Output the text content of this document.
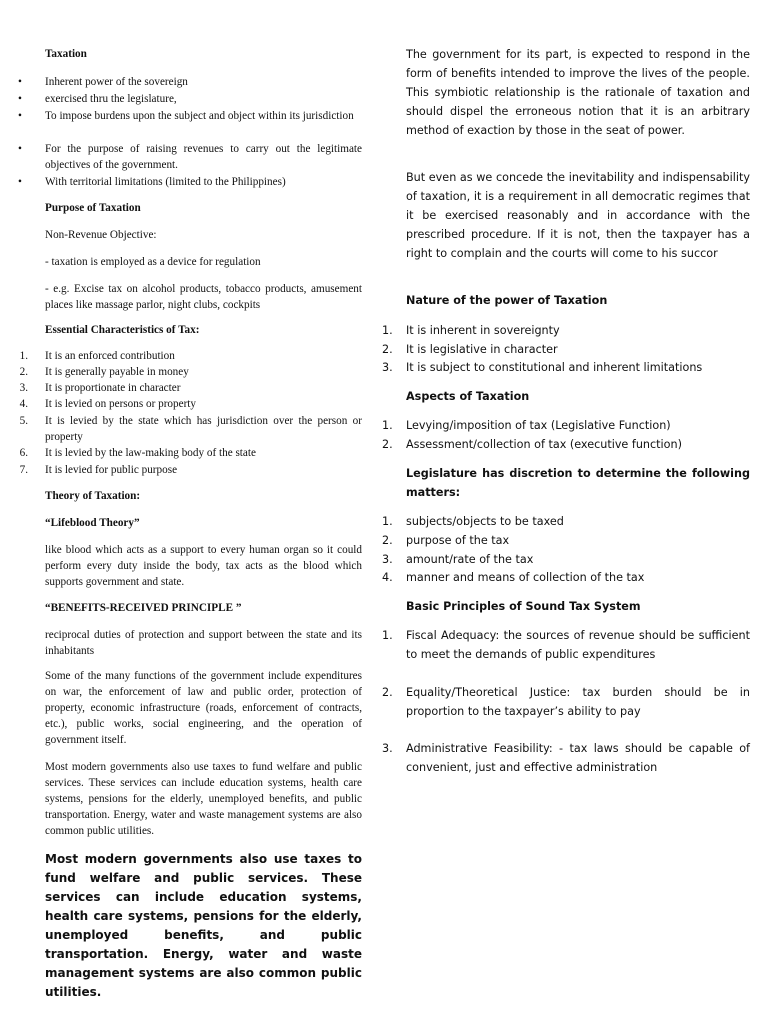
Taxation

•	Inherent power of the sovereign

•	exercised thru the legislature,

•	To impose burdens upon the subject and object within its jurisdiction

•	For the purpose of raising revenues to carry out the legitimate objectives of the government.

•	With territorial limitations (limited to the Philippines)

Purpose of Taxation

Non-Revenue Objective:

- taxation is employed as a device for regulation

- e.g. Excise tax on alcohol products, tobacco products, amusement places like massage parlor, night clubs, cockpits

Essential Characteristics of Tax:

1. It is an enforced contribution

2. It is generally payable in money

3. It is proportionate in character

4. It is levied on persons or property

5. It is levied by the state which has jurisdiction over the person or property

6. It is levied by the law-making body of the state

7. It is levied for public purpose

Theory of Taxation:

“Lifeblood Theory”

like blood which acts as a support to every human organ so it could perform every duty inside the body, tax acts as the blood which supports government and state.

“BENEFITS-RECEIVED PRINCIPLE ”

reciprocal duties of protection and support between the state and its inhabitants

Some of the many functions of the government include expenditures on war, the enforcement of law and public order, protection of property, economic infrastructure (roads, enforcement of contracts, etc.), public works, social engineering, and the operation of government itself.

Most modern governments also use taxes to fund welfare and public services. These services can include education systems, health care systems, pensions for the elderly, unemployed benefits, and public transportation. Energy, water and waste management systems are also common public utilities.

Most modern governments also use taxes to fund welfare and public services. These services can include education systems, health care systems, pensions for the elderly, unemployed benefits, and public transportation. Energy, water and waste management systems are also common public utilities.

The government for its part, is expected to respond in the form of benefits intended to improve the lives of the people. This symbiotic relationship is the rationale of taxation and should dispel the erroneous notion that it is an arbitrary method of exaction by those in the seat of power.

But even as we concede the inevitability and indispensability of taxation, it is a requirement in all democratic regimes that it be exercised reasonably and in accordance with the prescribed procedure. If it is not, then the taxpayer has a right to complain and the courts will come to his succor

Nature of the power of Taxation

1. It is inherent in sovereignty

2. It is legislative in character

3. It is subject to constitutional and inherent limitations

Aspects of Taxation

1. Levying/imposition of tax (Legislative Function)

2. Assessment/collection of tax (executive function)

Legislature has discretion to determine the following matters:

1. subjects/objects to be taxed

2. purpose of the tax

3. amount/rate of the tax

4. manner and means of collection of the tax

Basic Principles of Sound Tax System

1. Fiscal Adequacy: the sources of revenue should be sufficient to meet the demands of public expenditures

2. Equality/Theoretical Justice: tax burden should be in proportion to the taxpayer’s ability to pay

3. Administrative Feasibility: - tax laws should be capable of convenient, just and effective administration
